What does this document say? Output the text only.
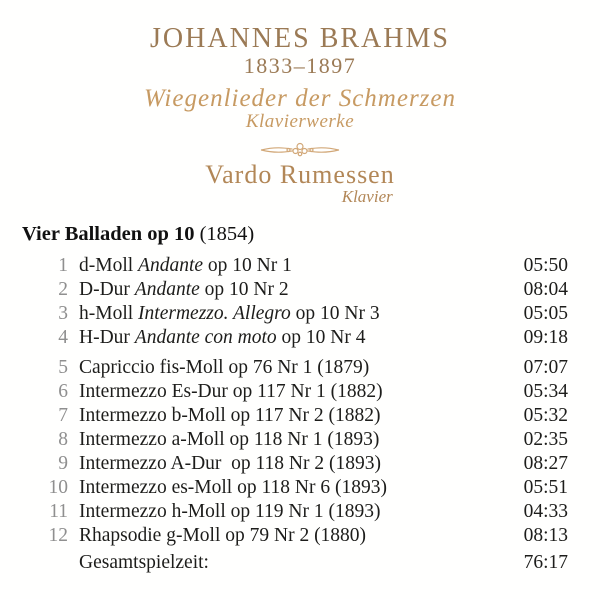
JOHANNES BRAHMS
1833–1897
Wiegenlieder der Schmerzen
Klavierwerke
Vardo Rumessen
Klavier
Vier Balladen op 10 (1854)
1 d-Moll Andante op 10 Nr 1	05:50
2 D-Dur Andante op 10 Nr 2	08:04
3 h-Moll Intermezzo. Allegro op 10 Nr 3	05:05
4 H-Dur Andante con moto op 10 Nr 4	09:18
5 Capriccio fis-Moll op 76 Nr 1 (1879)	07:07
6 Intermezzo Es-Dur op 117 Nr 1 (1882)	05:34
7 Intermezzo b-Moll op 117 Nr 2 (1882)	05:32
8 Intermezzo a-Moll op 118 Nr 1 (1893)	02:35
9 Intermezzo A-Dur  op 118 Nr 2 (1893)	08:27
10 Intermezzo es-Moll op 118 Nr 6 (1893)	05:51
11 Intermezzo h-Moll op 119 Nr 1 (1893)	04:33
12 Rhapsodie g-Moll op 79 Nr 2 (1880)	08:13
Gesamtspielzeit:	76:17
